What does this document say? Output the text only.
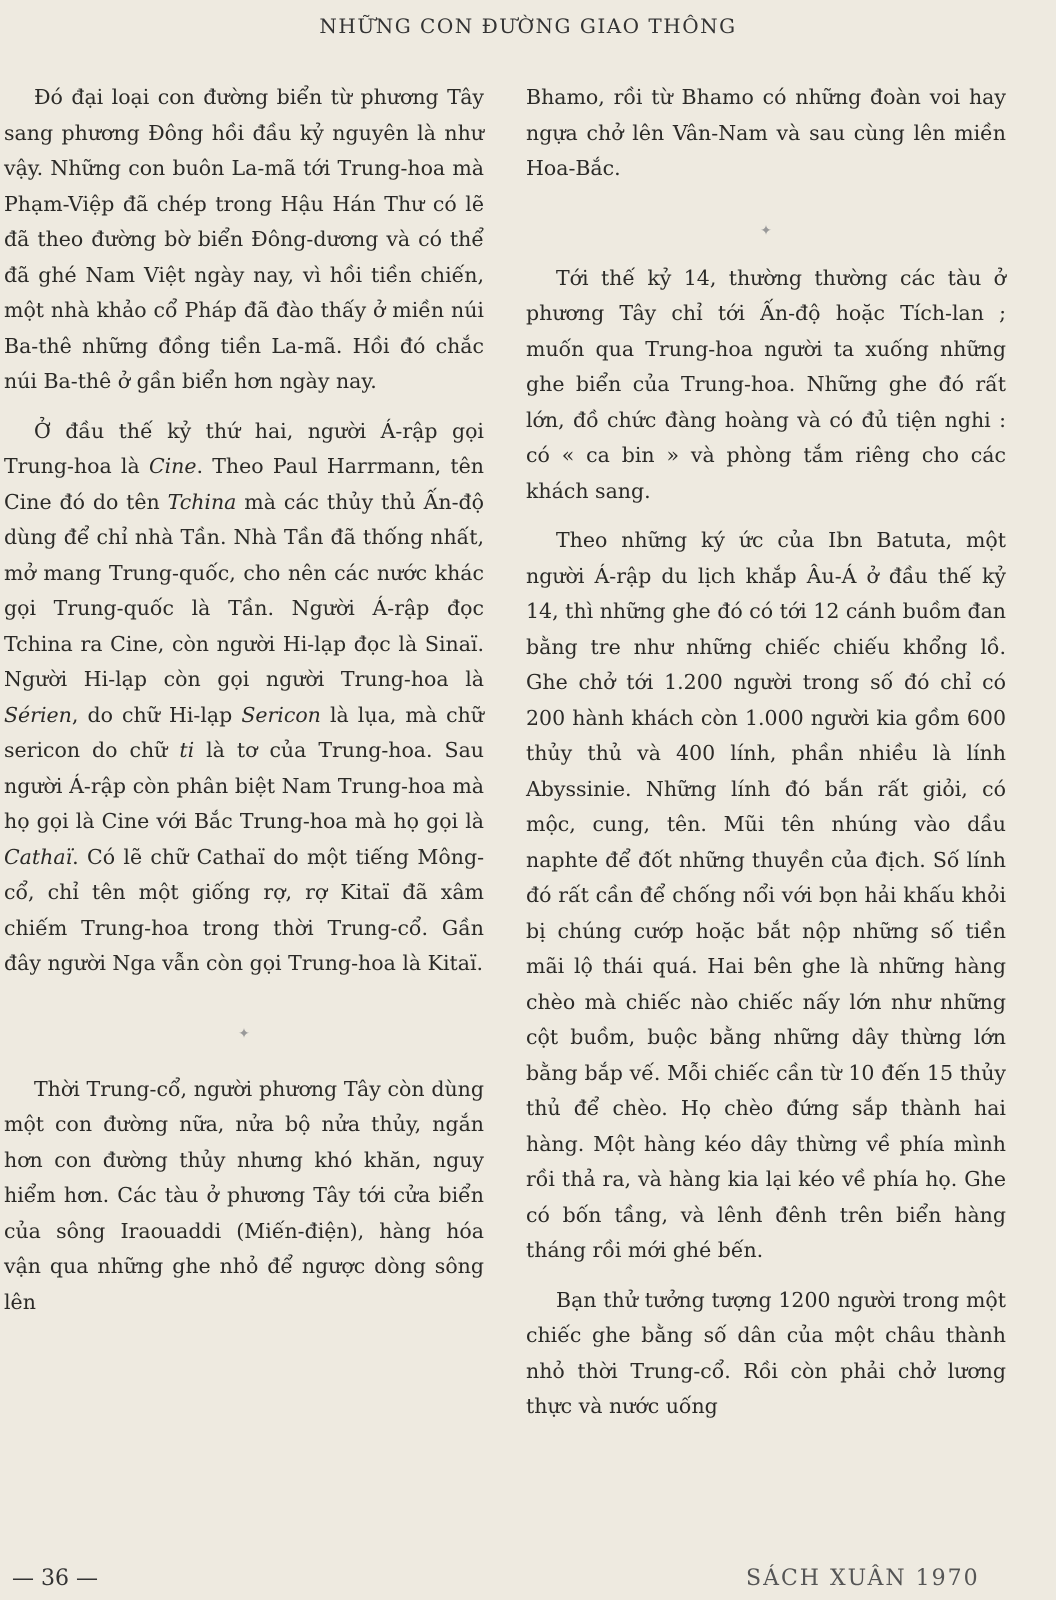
NHỮNG CON ĐƯỜNG GIAO THÔNG

Đó đại loại con đường biển từ phương Tây sang phương Đông hồi đầu kỷ nguyên là như vậy. Những con buôn La-mã tới Trung-hoa mà Phạm-Việp đã chép trong Hậu Hán Thư có lẽ đã theo đường bờ biển Đông-dương và có thể đã ghé Nam Việt ngày nay, vì hồi tiền chiến, một nhà khảo cổ Pháp đã đào thấy ở miền núi Ba-thê những đồng tiền La-mã. Hồi đó chắc núi Ba-thê ở gần biển hơn ngày nay.

Ở đầu thế kỷ thứ hai, người Á-rập gọi Trung-hoa là Cine. Theo Paul Harrmann, tên Cine đó do tên Tchina mà các thủy thủ Ấn-độ dùng để chỉ nhà Tần. Nhà Tần đã thống nhất, mở mang Trung-quốc, cho nên các nước khác gọi Trung-quốc là Tần. Người Á-rập đọc Tchina ra Cine, còn người Hi-lạp đọc là Sinaï. Người Hi-lạp còn gọi người Trung-hoa là Sérien, do chữ Hi-lạp Sericon là lụa, mà chữ sericon do chữ ti là tơ của Trung-hoa. Sau người Á-rập còn phân biệt Nam Trung-hoa mà họ gọi là Cine với Bắc Trung-hoa mà họ gọi là Cathaï. Có lẽ chữ Cathaï do một tiếng Mông-cổ, chỉ tên một giống rợ, rợ Kitaï đã xâm chiếm Trung-hoa trong thời Trung-cổ. Gần đây người Nga vẫn còn gọi Trung-hoa là Kitaï.

✦

Thời Trung-cổ, người phương Tây còn dùng một con đường nữa, nửa bộ nửa thủy, ngắn hơn con đường thủy nhưng khó khăn, nguy hiểm hơn. Các tàu ở phương Tây tới cửa biển của sông Iraouaddi (Miến-điện), hàng hóa vận qua những ghe nhỏ để ngược dòng sông lên

Bhamo, rồi từ Bhamo có những đoàn voi hay ngựa chở lên Vân-Nam và sau cùng lên miền Hoa-Bắc.

✦

Tới thế kỷ 14, thường thường các tàu ở phương Tây chỉ tới Ấn-độ hoặc Tích-lan ; muốn qua Trung-hoa người ta xuống những ghe biển của Trung-hoa. Những ghe đó rất lớn, đồ chức đàng hoàng và có đủ tiện nghi : có « ca bin » và phòng tắm riêng cho các khách sang.

Theo những ký ức của Ibn Batuta, một người Á-rập du lịch khắp Âu-Á ở đầu thế kỷ 14, thì những ghe đó có tới 12 cánh buồm đan bằng tre như những chiếc chiếu khổng lồ. Ghe chở tới 1.200 người trong số đó chỉ có 200 hành khách còn 1.000 người kia gồm 600 thủy thủ và 400 lính, phần nhiều là lính Abyssinie. Những lính đó bắn rất giỏi, có mộc, cung, tên. Mũi tên nhúng vào dầu naphte để đốt những thuyền của địch. Số lính đó rất cần để chống nổi với bọn hải khấu khỏi bị chúng cướp hoặc bắt nộp những số tiền mãi lộ thái quá. Hai bên ghe là những hàng chèo mà chiếc nào chiếc nấy lớn như những cột buồm, buộc bằng những dây thừng lớn bằng bắp vế. Mỗi chiếc cần từ 10 đến 15 thủy thủ để chèo. Họ chèo đứng sắp thành hai hàng. Một hàng kéo dây thừng về phía mình rồi thả ra, và hàng kia lại kéo về phía họ. Ghe có bốn tầng, và lênh đênh trên biển hàng tháng rồi mới ghé bến.

Bạn thử tưởng tượng 1200 người trong một chiếc ghe bằng số dân của một châu thành nhỏ thời Trung-cổ. Rồi còn phải chở lương thực và nước uống

— 36 —	SÁCH XUÂN 1970
